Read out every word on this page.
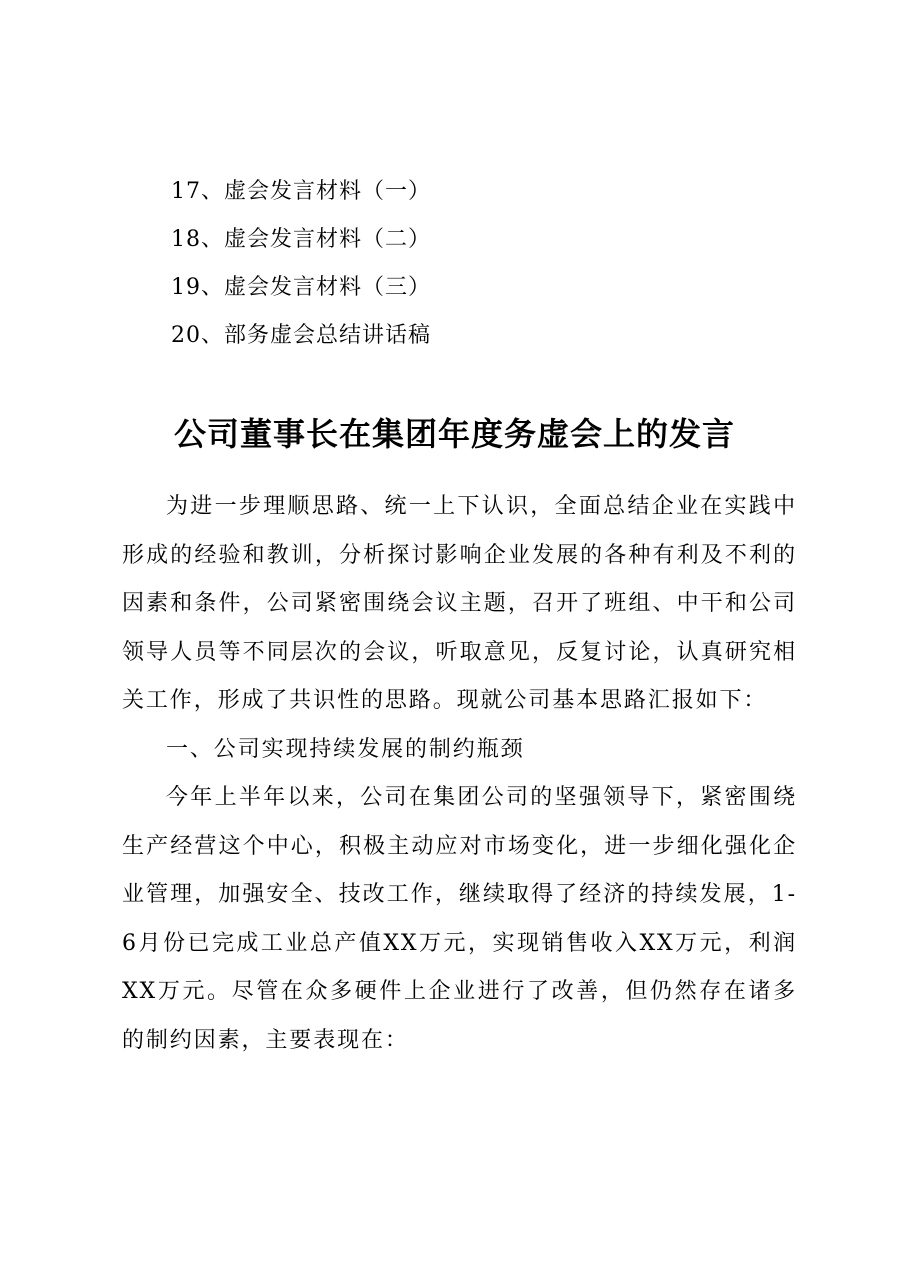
17、虚会发言材料（一）
18、虚会发言材料（二）
19、虚会发言材料（三）
20、部务虚会总结讲话稿
公司董事长在集团年度务虚会上的发言

为进一步理顺思路、统一上下认识，全面总结企业在实践中形成的经验和教训，分析探讨影响企业发展的各种有利及不利的因素和条件，公司紧密围绕会议主题，召开了班组、中干和公司领导人员等不同层次的会议，听取意见，反复讨论，认真研究相关工作，形成了共识性的思路。现就公司基本思路汇报如下：

一、公司实现持续发展的制约瓶颈

今年上半年以来，公司在集团公司的坚强领导下，紧密围绕生产经营这个中心，积极主动应对市场变化，进一步细化强化企业管理，加强安全、技改工作，继续取得了经济的持续发展，1-6月份已完成工业总产值XX万元，实现销售收入XX万元，利润XX万元。尽管在众多硬件上企业进行了改善，但仍然存在诸多的制约因素，主要表现在：
